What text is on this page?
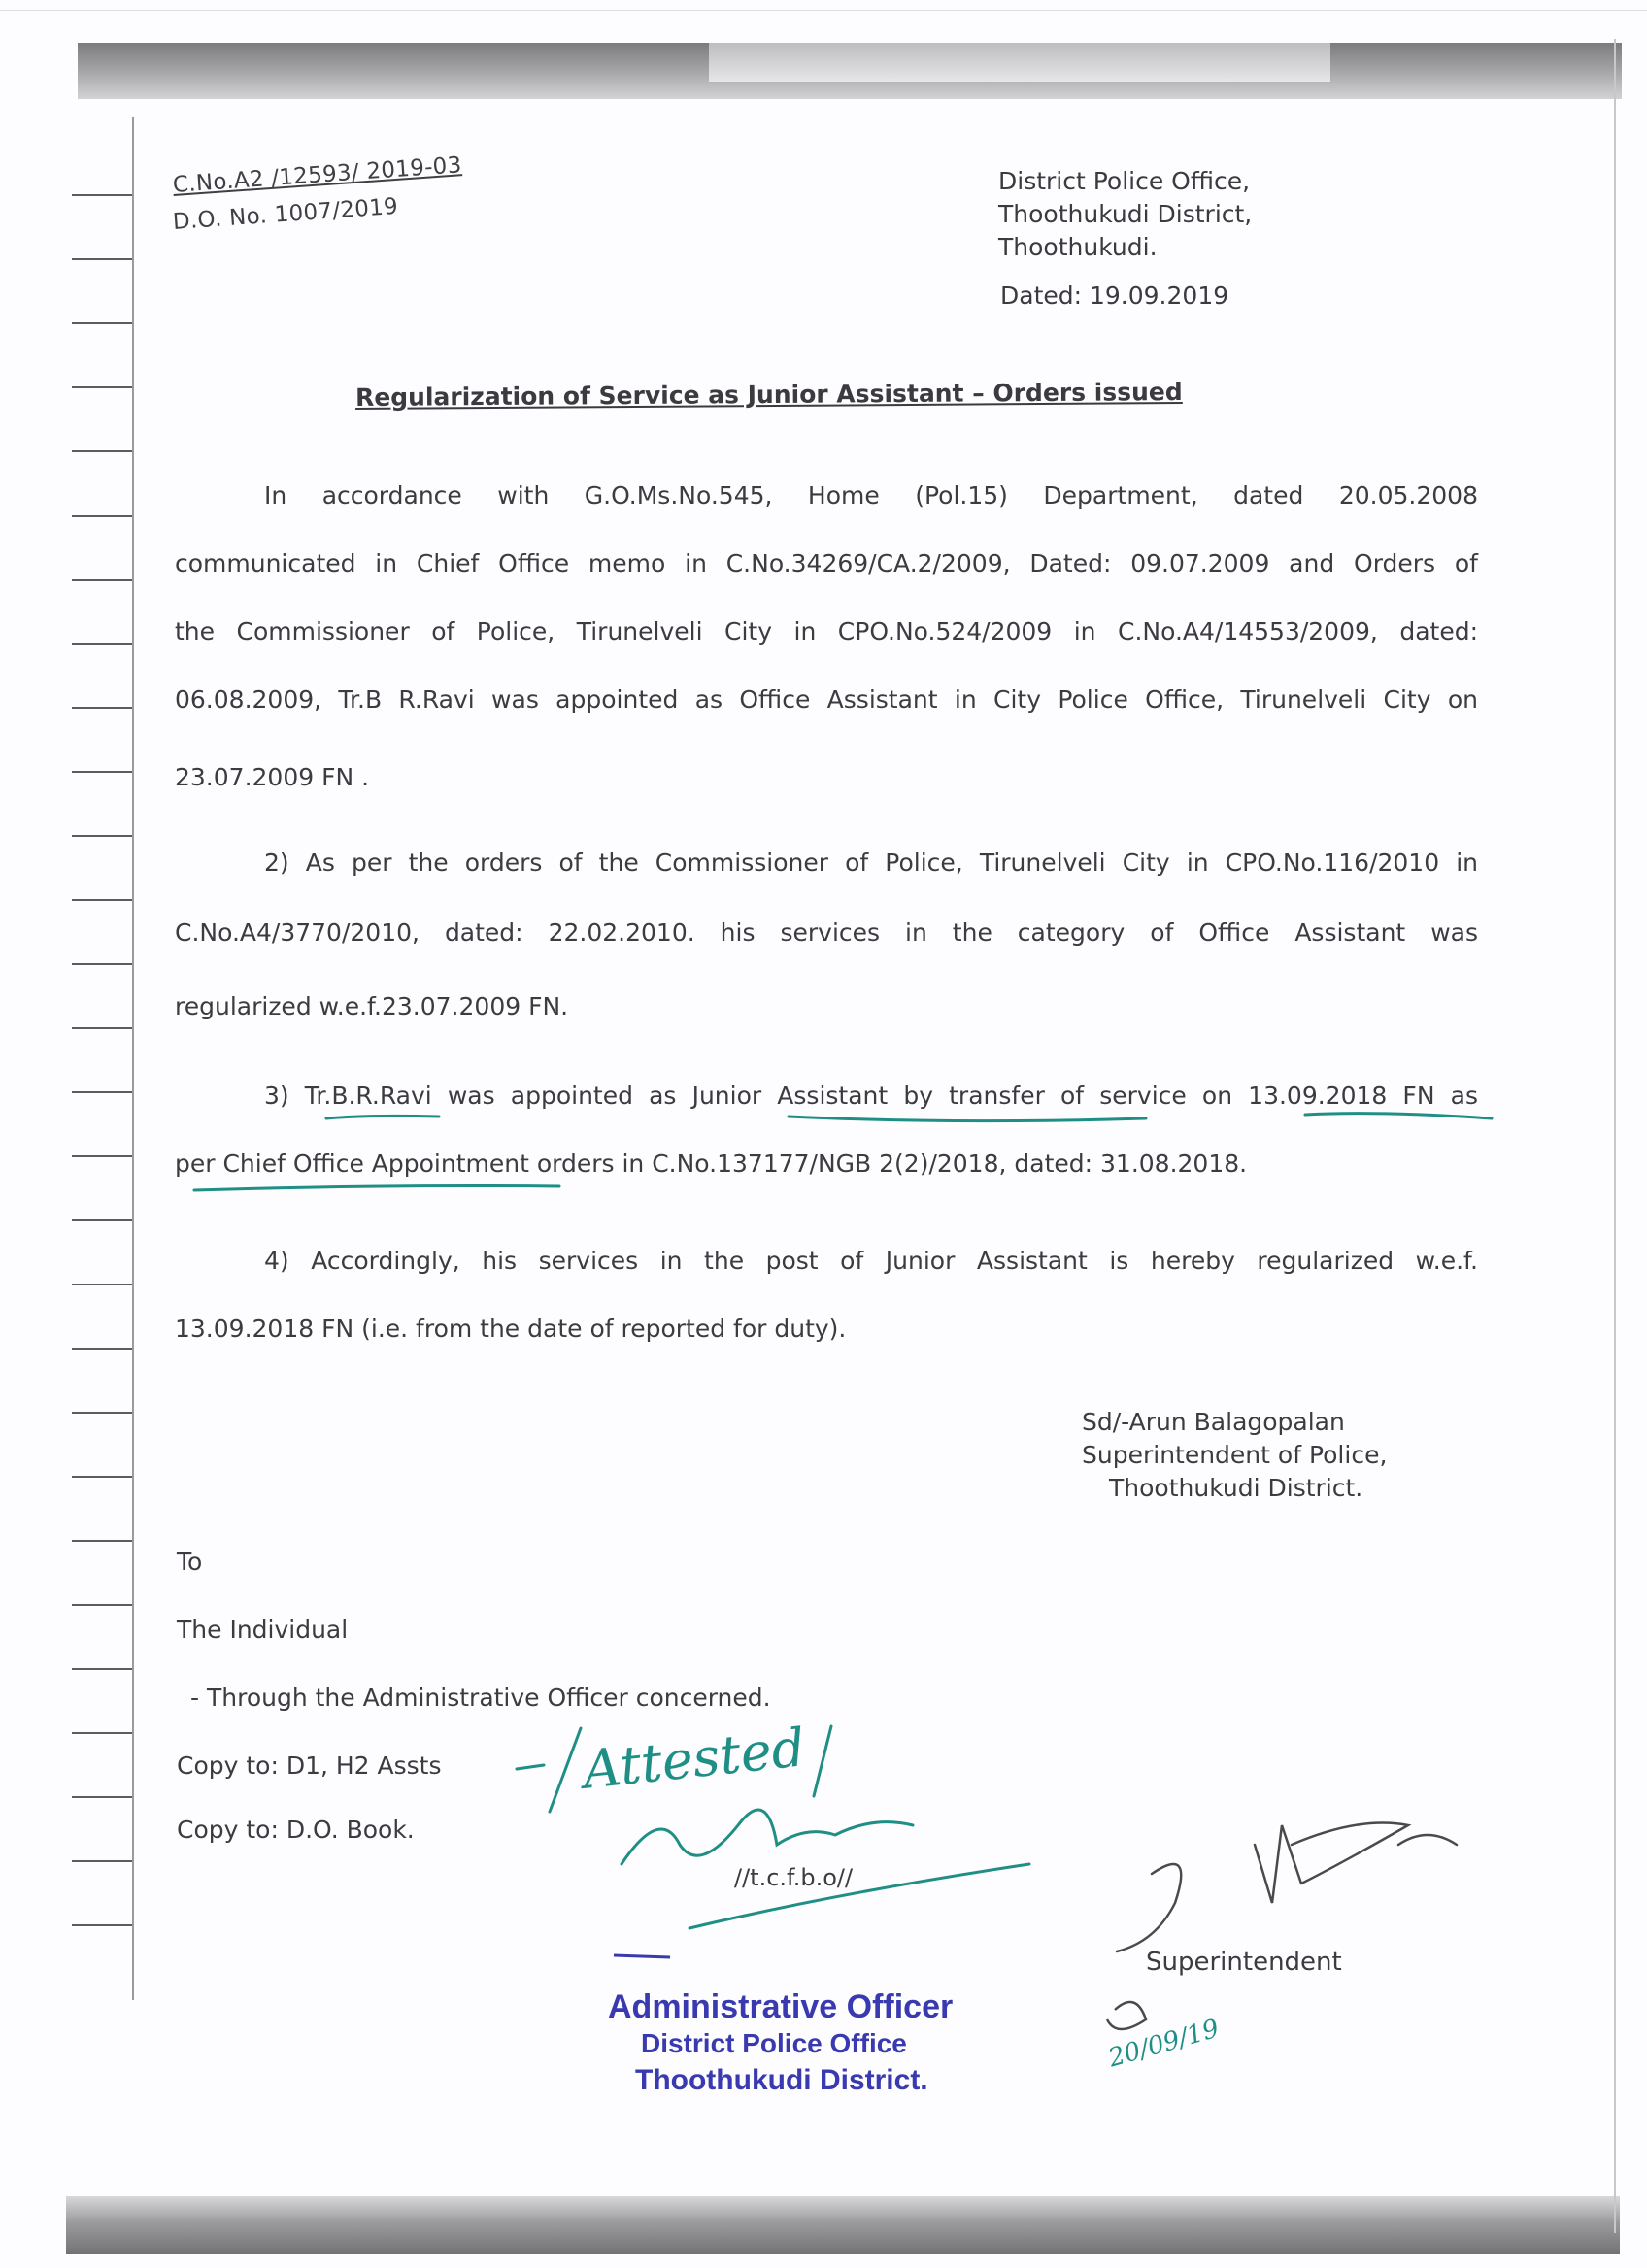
C.No.A2 /12593/ 2019-03
D.O. No. 1007/2019
District Police Office,
Thoothukudi District,
Thoothukudi.
Dated: 19.09.2019
Regularization of Service as Junior Assistant – Orders issued
In accordance with G.O.Ms.No.545, Home (Pol.15) Department, dated 20.05.2008
communicated in Chief Office memo in C.No.34269/CA.2/2009, Dated: 09.07.2009 and Orders of
the Commissioner of Police, Tirunelveli City in CPO.No.524/2009 in C.No.A4/14553/2009, dated:
06.08.2009, Tr.B R.Ravi was appointed as Office Assistant in City Police Office, Tirunelveli City on
23.07.2009 FN .
2) As per the orders of the Commissioner of Police, Tirunelveli City in CPO.No.116/2010 in
C.No.A4/3770/2010, dated: 22.02.2010. his services in the category of Office Assistant was
regularized w.e.f.23.07.2009 FN.
3) Tr.B.R.Ravi was appointed as Junior Assistant by transfer of service on 13.09.2018 FN as
per Chief Office Appointment orders in C.No.137177/NGB 2(2)/2018, dated: 31.08.2018.
4) Accordingly, his services in the post of Junior Assistant is hereby regularized w.e.f.
13.09.2018 FN (i.e. from the date of reported for duty).
Sd/-Arun Balagopalan
Superintendent of Police,
Thoothukudi District.
To
The Individual
- Through the Administrative Officer concerned.
Copy to: D1, H2 Assts
Copy to: D.O. Book.
Attested
//t.c.f.b.o//
Superintendent
20/09/19
Administrative Officer
District Police Office
Thoothukudi District.
